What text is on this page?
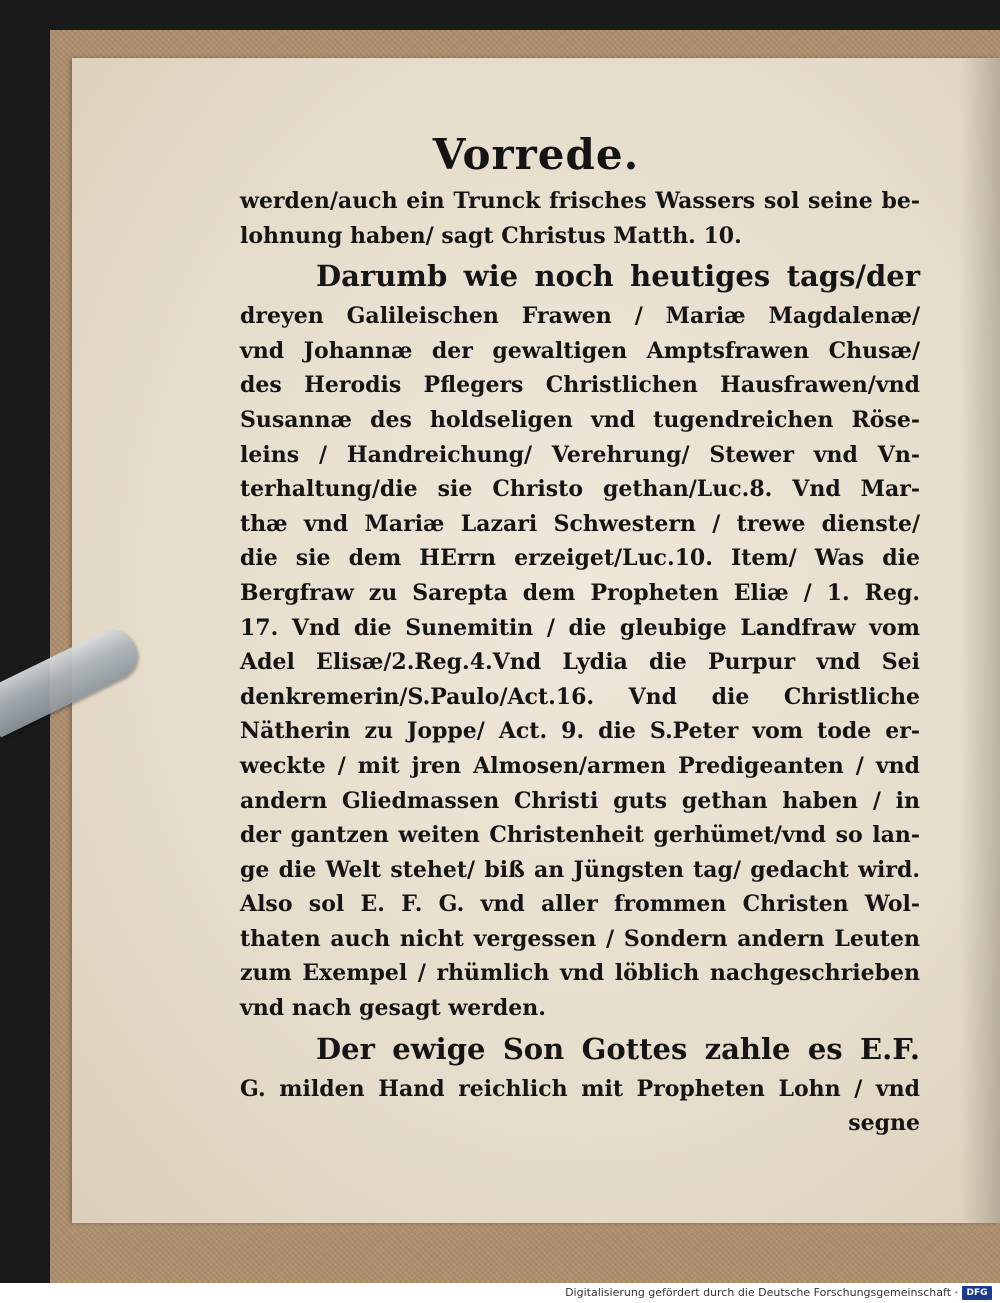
Vorrede.
werden/auch ein Trunck frisches Wassers sol seine be-
lohnung haben/ sagt Christus Matth. 10.
Darumb wie noch heutiges tags/der
dreyen Galileischen Frawen / Mariæ Magdalenæ/
vnd Johannæ der gewaltigen Amptsfrawen Chusæ/
des Herodis Pflegers Christlichen Hausfrawen/vnd
Susannæ des holdseligen vnd tugendreichen Röse-
leins / Handreichung/ Verehrung/ Stewer vnd Vn-
terhaltung/die sie Christo gethan/Luc.8. Vnd Mar-
thæ vnd Mariæ Lazari Schwestern / trewe dienste/
die sie dem HErrn erzeiget/Luc.10. Item/ Was die
Bergfraw zu Sarepta dem Propheten Eliæ / 1. Reg.
17. Vnd die Sunemitin / die gleubige Landfraw vom
Adel Elisæ/2.Reg.4.Vnd Lydia die Purpur vnd Sei
denkremerin/S.Paulo/Act.16. Vnd die Christliche
Nätherin zu Joppe/ Act. 9. die S.Peter vom tode er-
weckte / mit jren Almosen/armen Predigeanten / vnd
andern Gliedmassen Christi guts gethan haben / in
der gantzen weiten Christenheit gerhümet/vnd so lan-
ge die Welt stehet/ biß an Jüngsten tag/ gedacht wird.
Also sol E. F. G. vnd aller frommen Christen Wol-
thaten auch nicht vergessen / Sondern andern Leuten
zum Exempel / rhümlich vnd löblich nachgeschrieben
vnd nach gesagt werden.
Der ewige Son Gottes zahle es E.F.
G. milden Hand reichlich mit Propheten Lohn / vnd
segne
Digitalisierung gefördert durch die Deutsche Forschungsgemeinschaft · DFG
